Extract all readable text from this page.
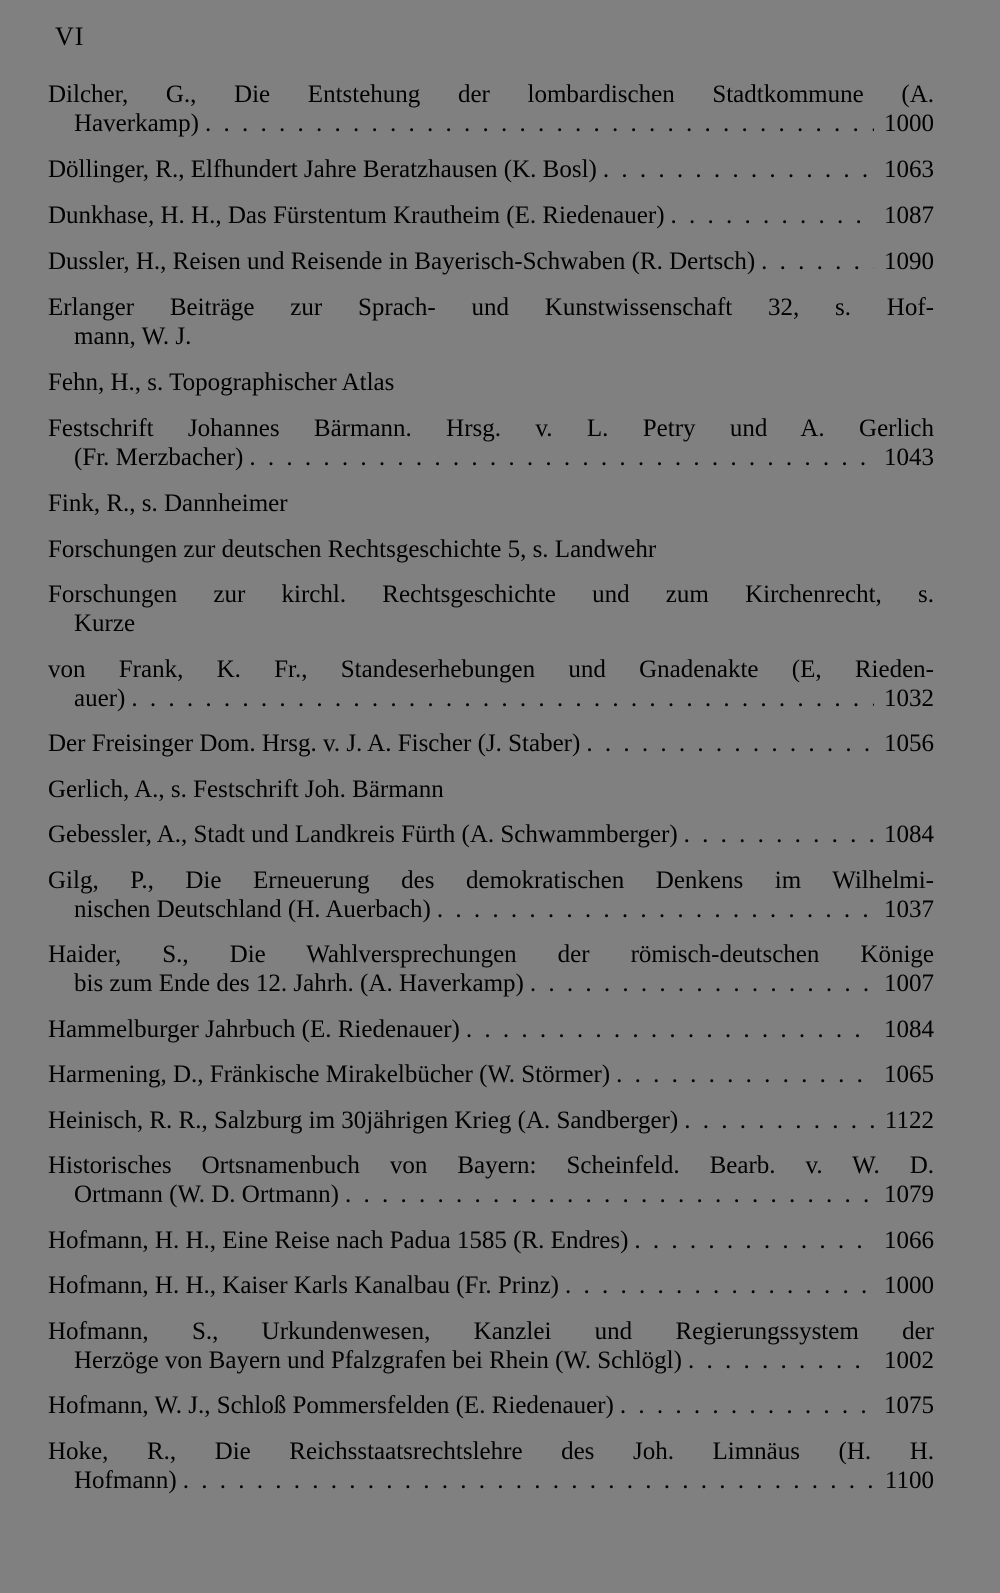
VI
Dilcher, G., Die Entstehung der lombardischen Stadtkommune (A.
Haverkamp) . . .	1000
Döllinger, R., Elfhundert Jahre Beratzhausen (K. Bosl) . . .	1063
Dunkhase, H. H., Das Fürstentum Krautheim (E. Riedenauer) . . .	1087
Dussler, H., Reisen und Reisende in Bayerisch-Schwaben (R. Dertsch) . . .	1090
Erlanger Beiträge zur Sprach- und Kunstwissenschaft 32, s. Hof-
mann, W. J.
Fehn, H., s. Topographischer Atlas
Festschrift Johannes Bärmann. Hrsg. v. L. Petry und A. Gerlich
(Fr. Merzbacher) . . .	1043
Fink, R., s. Dannheimer
Forschungen zur deutschen Rechtsgeschichte 5, s. Landwehr
Forschungen zur kirchl. Rechtsgeschichte und zum Kirchenrecht, s.
Kurze
von Frank, K. Fr., Standeserhebungen und Gnadenakte (E, Rieden-
auer) . . .	1032
Der Freisinger Dom. Hrsg. v. J. A. Fischer (J. Staber) . . .	1056
Gerlich, A., s. Festschrift Joh. Bärmann
Gebessler, A., Stadt und Landkreis Fürth (A. Schwammberger) . . .	1084
Gilg, P., Die Erneuerung des demokratischen Denkens im Wilhelmi-
nischen Deutschland (H. Auerbach) . . .	1037
Haider, S., Die Wahlversprechungen der römisch-deutschen Könige
bis zum Ende des 12. Jahrh. (A. Haverkamp) . . .	1007
Hammelburger Jahrbuch (E. Riedenauer) . . .	1084
Harmening, D., Fränkische Mirakelbücher (W. Störmer) . . .	1065
Heinisch, R. R., Salzburg im 30jährigen Krieg (A. Sandberger) . . .	1122
Historisches Ortsnamenbuch von Bayern: Scheinfeld. Bearb. v. W. D.
Ortmann (W. D. Ortmann) . . .	1079
Hofmann, H. H., Eine Reise nach Padua 1585 (R. Endres) . . .	1066
Hofmann, H. H., Kaiser Karls Kanalbau (Fr. Prinz) . . .	1000
Hofmann, S., Urkundenwesen, Kanzlei und Regierungssystem der
Herzöge von Bayern und Pfalzgrafen bei Rhein (W. Schlögl) . . .	1002
Hofmann, W. J., Schloß Pommersfelden (E. Riedenauer) . . .	1075
Hoke, R., Die Reichsstaatsrechtslehre des Joh. Limnäus (H. H.
Hofmann) . . .	1100
